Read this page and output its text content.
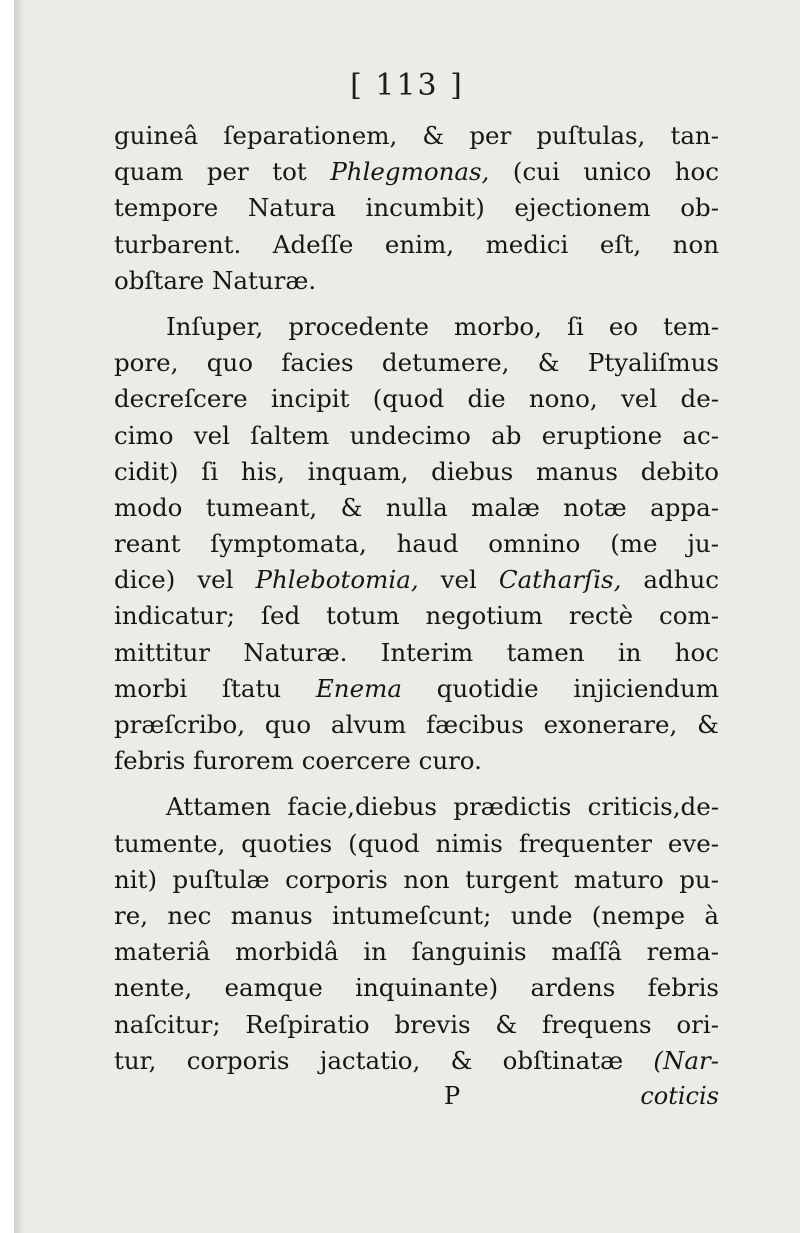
[ 113 ]
guineâ ſeparationem, & per puſtulas, tan-
quam per tot Phlegmonas, (cui unico hoc
tempore Natura incumbit) ejectionem ob-
turbarent. Adeſſe enim, medici eſt, non
obſtare Naturæ.
Inſuper, procedente morbo, ſi eo tem-
pore, quo facies detumere, & Ptyaliſmus
decreſcere incipit (quod die nono, vel de-
cimo vel ſaltem undecimo ab eruptione ac-
cidit) ſi his, inquam, diebus manus debito
modo tumeant, & nulla malæ notæ appa-
reant ſymptomata, haud omnino (me ju-
dice) vel Phlebotomia, vel Catharſis, adhuc
indicatur; ſed totum negotium rectè com-
mittitur Naturæ. Interim tamen in hoc
morbi ſtatu Enema quotidie injiciendum
præſcribo, quo alvum fæcibus exonerare, &
febris furorem coercere curo.
Attamen facie,diebus prædictis criticis,de-
tumente, quoties (quod nimis frequenter eve-
nit) puſtulæ corporis non turgent maturo pu-
re, nec manus intumeſcunt; unde (nempe à
materiâ morbidâ in ſanguinis maſſâ rema-
nente, eamque inquinante) ardens febris
naſcitur; Reſpiratio brevis & frequens ori-
tur, corporis jactatio, & obſtinatæ (Nar-
P	coticis
